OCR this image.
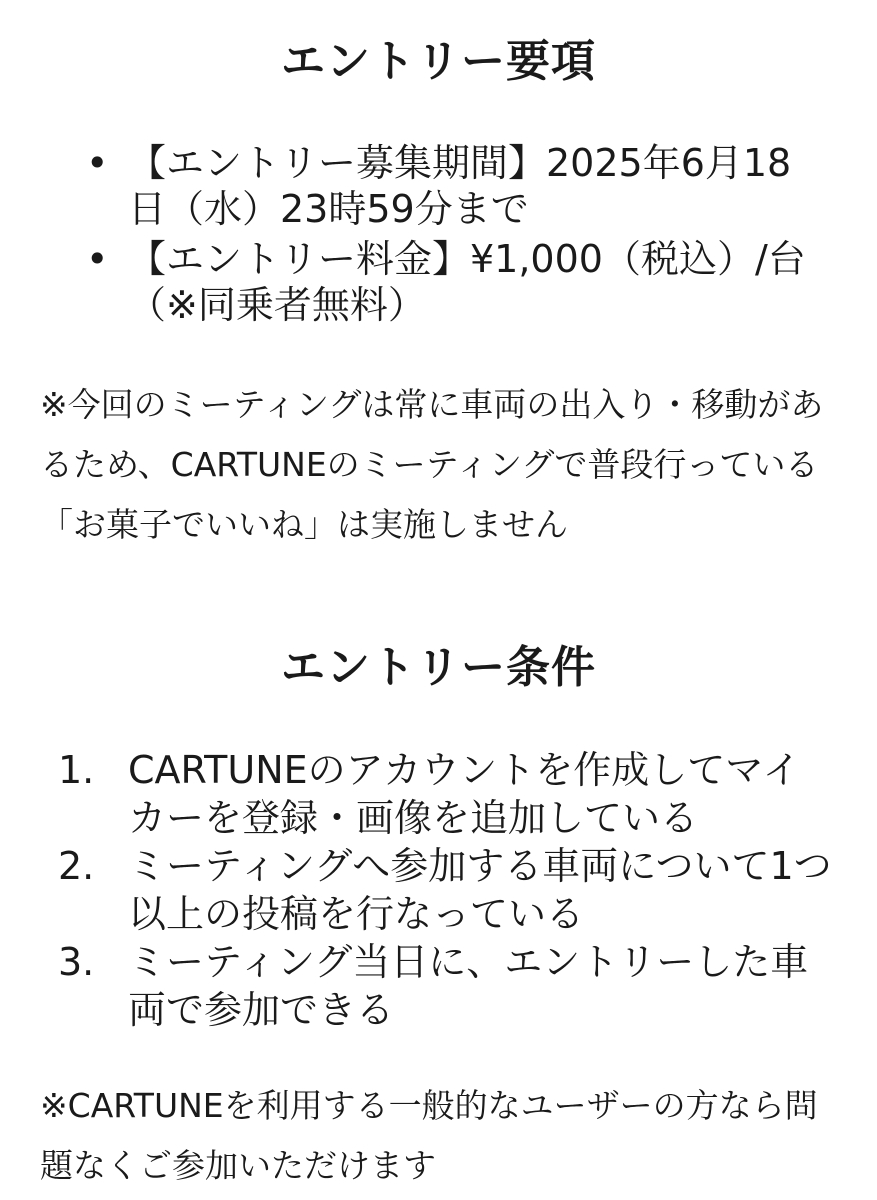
エントリー要項
• 【エントリー募集期間】2025年6月18日（水）23時59分まで
• 【エントリー料金】¥1,000（税込）/台（※同乗者無料）

※今回のミーティングは常に車両の出入り・移動があるため、CARTUNEのミーティングで普段行っている「お菓子でいいね」は実施しません

エントリー条件
1. CARTUNEのアカウントを作成してマイカーを登録・画像を追加している
2. ミーティングへ参加する車両について1つ以上の投稿を行なっている
3. ミーティング当日に、エントリーした車両で参加できる

※CARTUNEを利用する一般的なユーザーの方なら問題なくご参加いただけます
